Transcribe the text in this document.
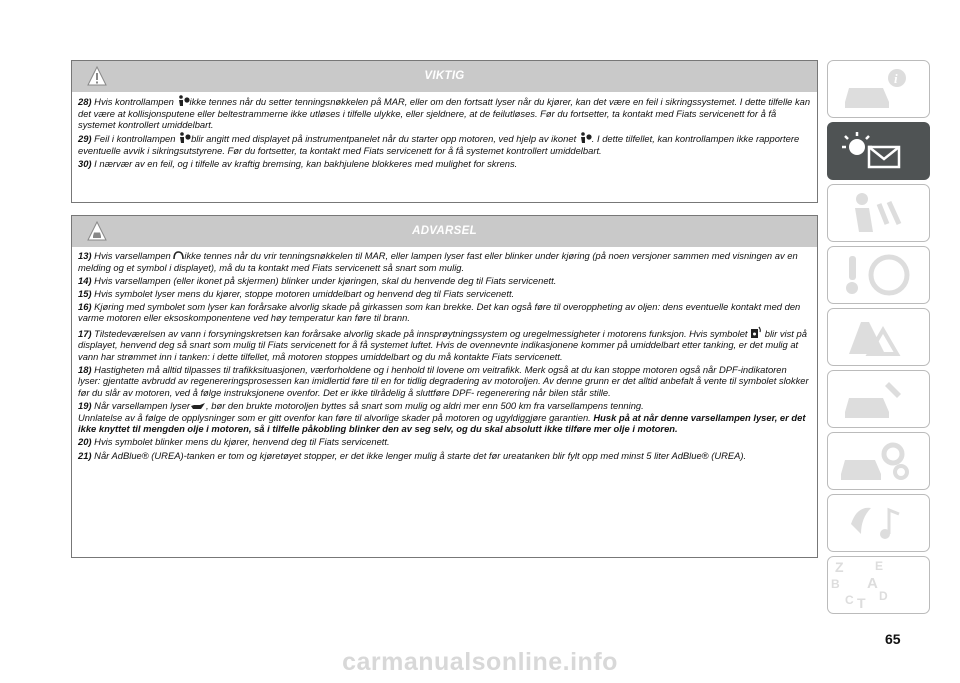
VIKTIG

28) Hvis kontrollampen ikke tennes når du setter tenningsnøkkelen på MAR, eller om den fortsatt lyser når du kjører, kan det være en feil i sikringssystemet. I dette tilfelle kan det være at kollisjonsputene eller beltestrammerne ikke utløses i tilfelle ulykke, eller sjeldnere, at de feilutløses. Før du fortsetter, ta kontakt med Fiats servicenett for å få systemet kontrollert umiddelbart.

29) Feil i kontrollampen blir angitt med displayet på instrumentpanelet når du starter opp motoren, ved hjelp av ikonet . I dette tilfellet, kan kontrollampen ikke rapportere eventuelle avvik i sikringsutstyrene. Før du fortsetter, ta kontakt med Fiats servicenett for å få systemet kontrollert umiddelbart.

30) I nærvær av en feil, og i tilfelle av kraftig bremsing, kan bakhjulene blokkeres med mulighet for skrens.

ADVARSEL

13) Hvis varsellampen ikke tennes når du vrir tenningsnøkkelen til MAR, eller lampen lyser fast eller blinker under kjøring (på noen versjoner sammen med visningen av en melding og et symbol i displayet), må du ta kontakt med Fiats servicenett så snart som mulig.

14) Hvis varsellampen (eller ikonet på skjermen) blinker under kjøringen, skal du henvende deg til Fiats servicenett.

15) Hvis symbolet lyser mens du kjører, stoppe motoren umiddelbart og henvend deg til Fiats servicenett.

16) Kjøring med symbolet som lyser kan forårsake alvorlig skade på girkassen som kan brekke. Det kan også føre til overoppheting av oljen: dens eventuelle kontakt med den varme motoren eller eksoskomponentene ved høy temperatur kan føre til brann.

17) Tilstedeværelsen av vann i forsyningskretsen kan forårsake alvorlig skade på innsprøytningssystem og uregelmessigheter i motorens funksjon. Hvis symbolet  blir vist på displayet, henvend deg så snart som mulig til Fiats servicenett for å få systemet luftet. Hvis de ovennevnte indikasjonene kommer på umiddelbart etter tanking, er det mulig at vann har strømmet inn i tanken: i dette tilfellet, må motoren stoppes umiddelbart og du må kontakte Fiats servicenett.

18) Hastigheten må alltid tilpasses til trafikksituasjonen, værforholdene og i henhold til lovene om veitrafikk. Merk også at du kan stoppe motoren også når DPF-indikatoren lyser: gjentatte avbrudd av regenereringsprosessen kan imidlertid føre til en for tidlig degradering av motoroljen. Av denne grunn er det alltid anbefalt å vente til symbolet slokker før du slår av motoren, ved å følge instruksjonene ovenfor. Det er ikke tilrådelig å sluttføre DPF- regenerering når bilen står stille.

19) Når varsellampen lyser , bør den brukte motoroljen byttes så snart som mulig og aldri mer enn 500 km fra varsellampens tenning.
Unnlatelse av å følge de opplysninger som er gitt ovenfor kan føre til alvorlige skader på motoren og ugyldiggjøre garantien. Husk på at når denne varsellampen lyser, er det ikke knyttet til mengden olje i motoren, så i tilfelle påkobling blinker den av seg selv, og du skal absolutt ikke tilføre mer olje i motoren.

20) Hvis symbolet blinker mens du kjører, henvend deg til Fiats servicenett.

21) Når AdBlue® (UREA)-tanken er tom og kjøretøyet stopper, er det ikke lenger mulig å starte det før ureatanken blir fylt opp med minst 5 liter AdBlue® (UREA).

i
Z	E
B A
C T D
65
carmanualsonline.info
